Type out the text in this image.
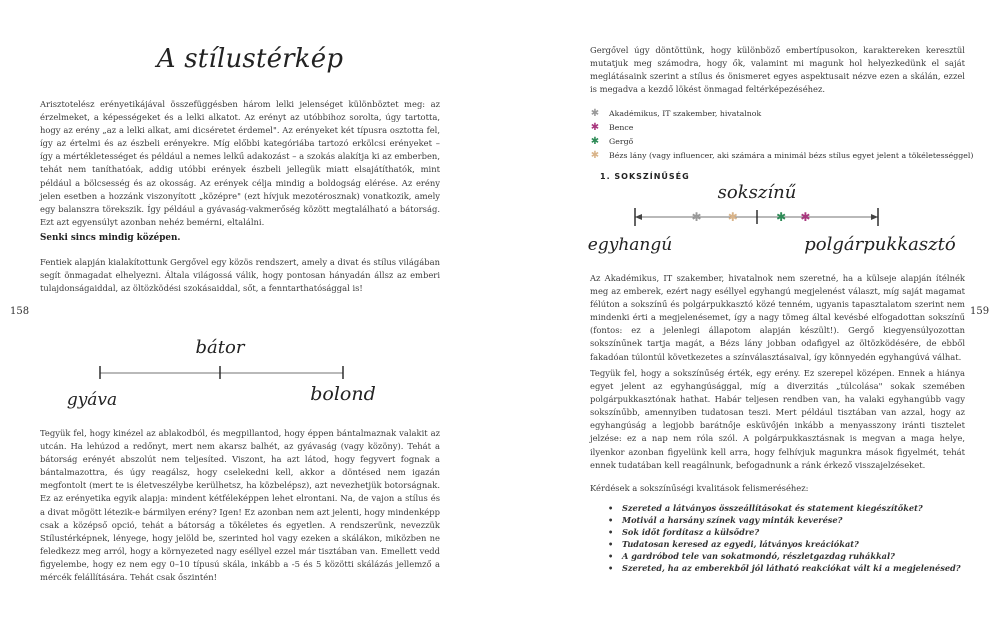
A stílustérkép

Arisztotelész erényetikájával összefüggésben három lelki jelenséget különböztet meg: az érzelmeket, a képességeket és a lelki alkatot. Az erényt az utóbbihoz sorolta, úgy tartotta, hogy az erény „az a lelki alkat, ami dicséretet érdemel". Az erényeket két típusra osztotta fel, így az értelmi és az észbeli erényekre. Míg előbbi kategóriába tartozó erkölcsi erényeket – így a mértékletességet és például a nemes lelkű adakozást – a szokás alakítja ki az emberben, tehát nem taníthatóak, addig utóbbi erények észbeli jellegük miatt elsajátíthatók, mint például a bölcsesség és az okosság. Az erények célja mindig a boldogság elérése. Az erény jelen esetben a hozzánk viszonyított „középre" (ezt hívjuk mezotérosznak) vonatkozik, amely egy balanszra törekszik. Így például a gyávaság-vakmerőség között megtalálható a bátorság. Ezt azt egyensúlyt azonban nehéz bemérni, eltalálni.

Senki sincs mindig középen.

Fentiek alapján kialakítottunk Gergővel egy közös rendszert, amely a divat és stílus világában segít önmagadat elhelyezni. Általa világossá válik, hogy pontosan hányadán állsz az emberi tulajdonságaiddal, az öltözködési szokásaiddal, sőt, a fenntarthatósággal is!

158
bátor
gyáva	bolond

Tegyük fel, hogy kinézel az ablakodból, és megpillantod, hogy éppen bántalmaznak valakit az utcán. Ha lehúzod a redőnyt, mert nem akarsz balhét, az gyávaság (vagy közöny). Tehát a bátorság erényét abszolút nem teljesíted. Viszont, ha azt látod, hogy fegyvert fognak a bántalmazottra, és úgy reagálsz, hogy cselekedni kell, akkor a döntésed nem igazán megfontolt (mert te is életveszélybe kerülhetsz, ha közbelépsz), azt nevezhetjük botorságnak. Ez az erényetika egyik alapja: mindent kétféleképpen lehet elrontani. Na, de vajon a stílus és a divat mögött létezik-e bármilyen erény? Igen! Ez azonban nem azt jelenti, hogy mindenképp csak a középső opció, tehát a bátorság a tökéletes és egyetlen. A rendszerünk, nevezzük Stílustérképnek, lényege, hogy jelöld be, szerinted hol vagy ezeken a skálákon, miközben ne feledkezz meg arról, hogy a környezeted nagy eséllyel ezzel már tisztában van. Emellett vedd figyelembe, hogy ez nem egy 0–10 típusú skála, inkább a -5 és 5 közötti skálázás jellemző a mércék felállítására. Tehát csak őszintén!

Gergővel úgy döntöttünk, hogy különböző embertípusokon, karaktereken keresztül mutatjuk meg számodra, hogy ők, valamint mi magunk hol helyezkedünk el saját meglátásaink szerint a stílus és önismeret egyes aspektusait nézve ezen a skálán, ezzel is megadva a kezdő lökést önmagad feltérképezéséhez.

159
1. SOKSZÍNŰSÉG
✱ ✱	✱ ✱
sokszínű
egyhangú	polgárpukkasztó

Az Akadémikus, IT szakember, hivatalnok nem szeretné, ha a külseje alapján ítélnék meg az emberek, ezért nagy eséllyel egyhangú megjelenést választ, míg saját magamat félúton a sokszínű és polgárpukkasztó közé tenném, ugyanis tapasztalatom szerint nem mindenki érti a megjelenésemet, így a nagy tömeg által kevésbé elfogadottan sokszínű (fontos: ez a jelenlegi állapotom alapján készült!). Gergő kiegyensúlyozottan sokszínűnek tartja magát, a Bézs lány jobban odafigyel az öltözködésére, de ebből fakadóan túlontúl következetes a színválasztásaival, így könnyedén egyhangúvá válhat.

Tegyük fel, hogy a sokszínűség érték, egy erény. Ez szerepel középen. Ennek a hiánya egyet jelent az egyhangúsággal, míg a diverzitás „túlcolása" sokak szemében polgárpukkasztónak hathat. Habár teljesen rendben van, ha valaki egyhangúbb vagy sokszínűbb, amennyiben tudatosan teszi. Mert például tisztában van azzal, hogy az egyhangúság a legjobb barátnője esküvőjén inkább a menyasszony iránti tisztelet jelzése: ez a nap nem róla szól. A polgárpukkasztásnak is megvan a maga helye, ilyenkor azonban figyelünk kell arra, hogy felhívjuk magunkra mások figyelmét, tehát ennek tudatában kell reagálnunk, befogadnunk a ránk érkező visszajelzéseket.

Kérdések a sokszínűségi kvalitások felismeréséhez:

• Szereted a látványos összeállításokat és statement kiegészítőket?
• Motivál a harsány színek vagy minták keverése?
• Sok időt fordítasz a külsődre?
• Tudatosan keresed az egyedi, látványos kreációkat?
• A gardróbod tele van sokatmondó, részletgazdag ruhákkal?
• Szereted, ha az emberekből jól látható reakciókat vált ki a megjelenésed?
✱ Akadémikus, IT szakember, hivatalnok
✱ Bence
✱ Gergő
✱ Bézs lány (vagy influencer, aki számára a minimál bézs stílus egyet jelent a tökéletességgel)
